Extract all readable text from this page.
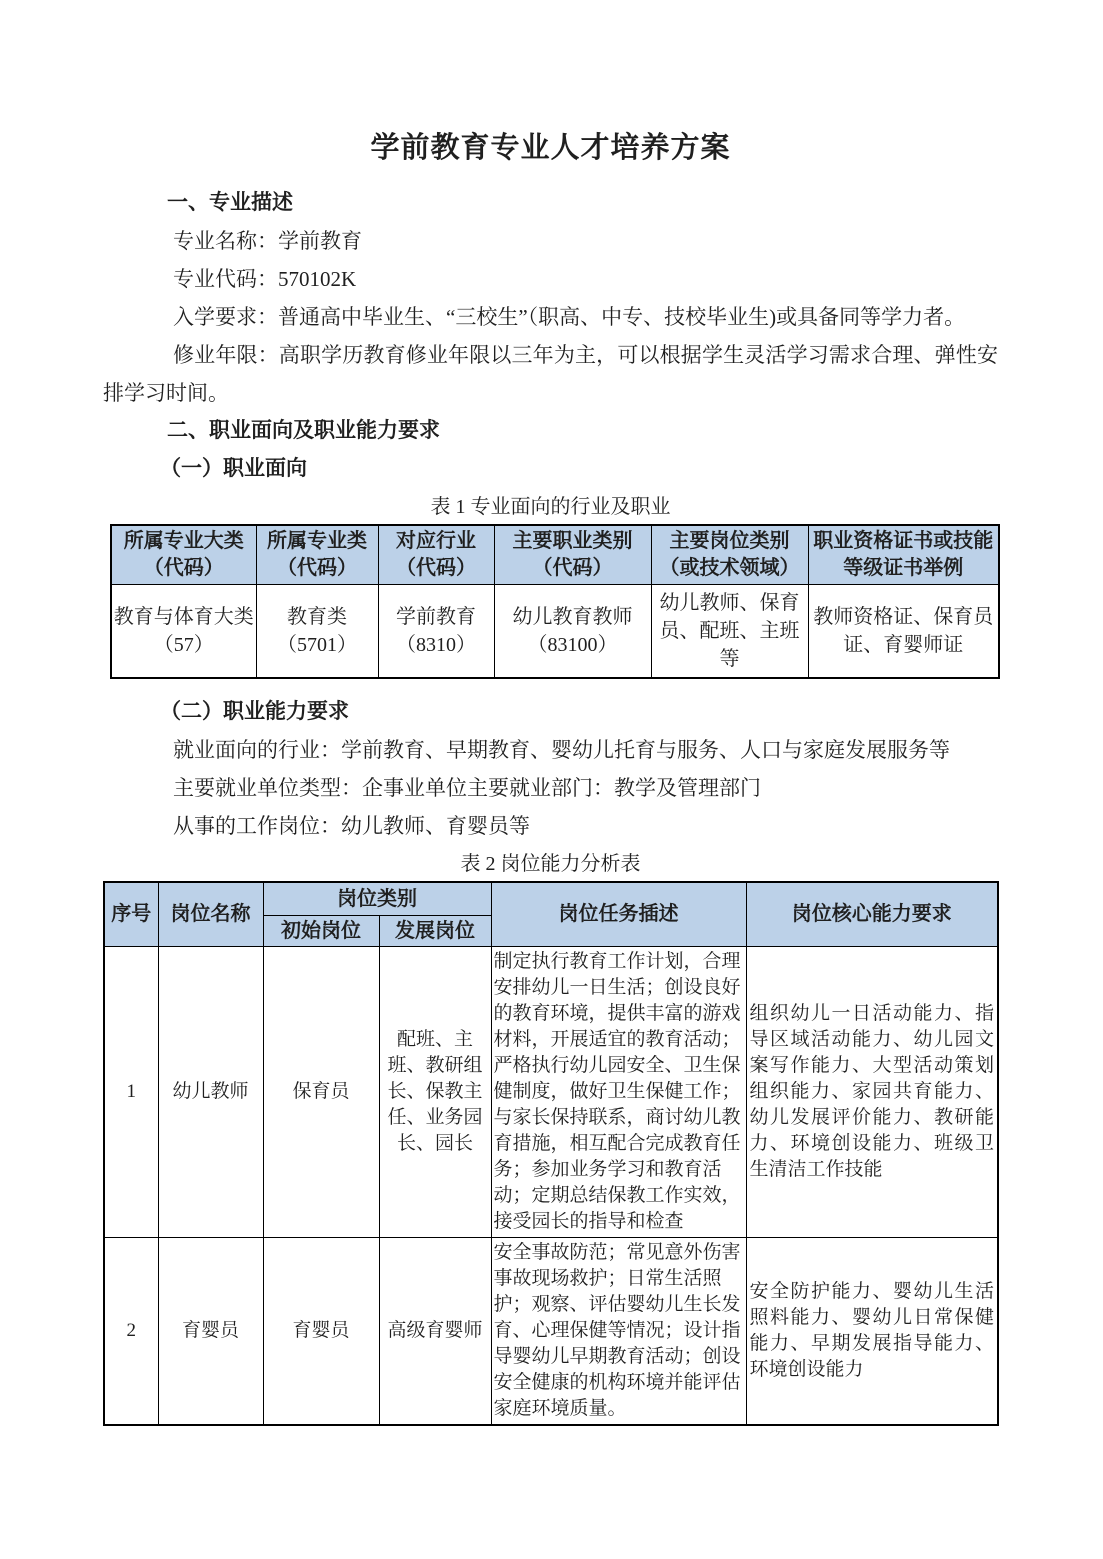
学前教育专业人才培养方案
一、专业描述

专业名称：学前教育

专业代码：570102K

入学要求：普通高中毕业生、“三校生”（职高、中专、技校毕业生)或具备同等学力者。

修业年限：高职学历教育修业年限以三年为主，可以根据学生灵活学习需求合理、弹性安排学习时间。

二、职业面向及职业能力要求
（一）职业面向

表 1 专业面向的行业及职业

所属专业大类（代码）	所属专业类（代码）	对应行业（代码）	主要职业类别（代码）	主要岗位类别（或技术领域）	职业资格证书或技能等级证书举例
教育与体育大类（57）	教育类（5701）	学前教育（8310）	幼儿教育教师（83100）	幼儿教师、保育员、配班、主班等	教师资格证、保育员证、育婴师证
（二）职业能力要求

就业面向的行业：学前教育、早期教育、婴幼儿托育与服务、人口与家庭发展服务等

主要就业单位类型：企事业单位主要就业部门：教学及管理部门

从事的工作岗位：幼儿教师、育婴员等

表 2 岗位能力分析表

序号	岗位名称	岗位类别		岗位任务插述	岗位核心能力要求
		初始岗位	发展岗位		
1	幼儿教师	保育员	配班、主班、教研组长、保教主任、业务园长、园长	制定执行教育工作计划，合理安排幼儿一日生活；创设良好的教育环境，提供丰富的游戏材料，开展适宜的教育活动；严格执行幼儿园安全、卫生保健制度，做好卫生保健工作；与家长保持联系，商讨幼儿教育措施，相互配合完成教育任务；参加业务学习和教育活动；定期总结保教工作实效，接受园长的指导和检查	组织幼儿一日活动能力、指导区域活动能力、幼儿园文案写作能力、大型活动策划组织能力、家园共育能力、幼儿发展评价能力、教研能力、环境创设能力、班级卫生清洁工作技能
2	育婴员	育婴员	高级育婴师	安全事故防范；常见意外伤害事故现场救护；日常生活照护；观察、评估婴幼儿生长发育、心理保健等情况；设计指导婴幼儿早期教育活动；创设安全健康的机构环境并能评估家庭环境质量。	安全防护能力、婴幼儿生活照料能力、婴幼儿日常保健能力、早期发展指导能力、环境创设能力
